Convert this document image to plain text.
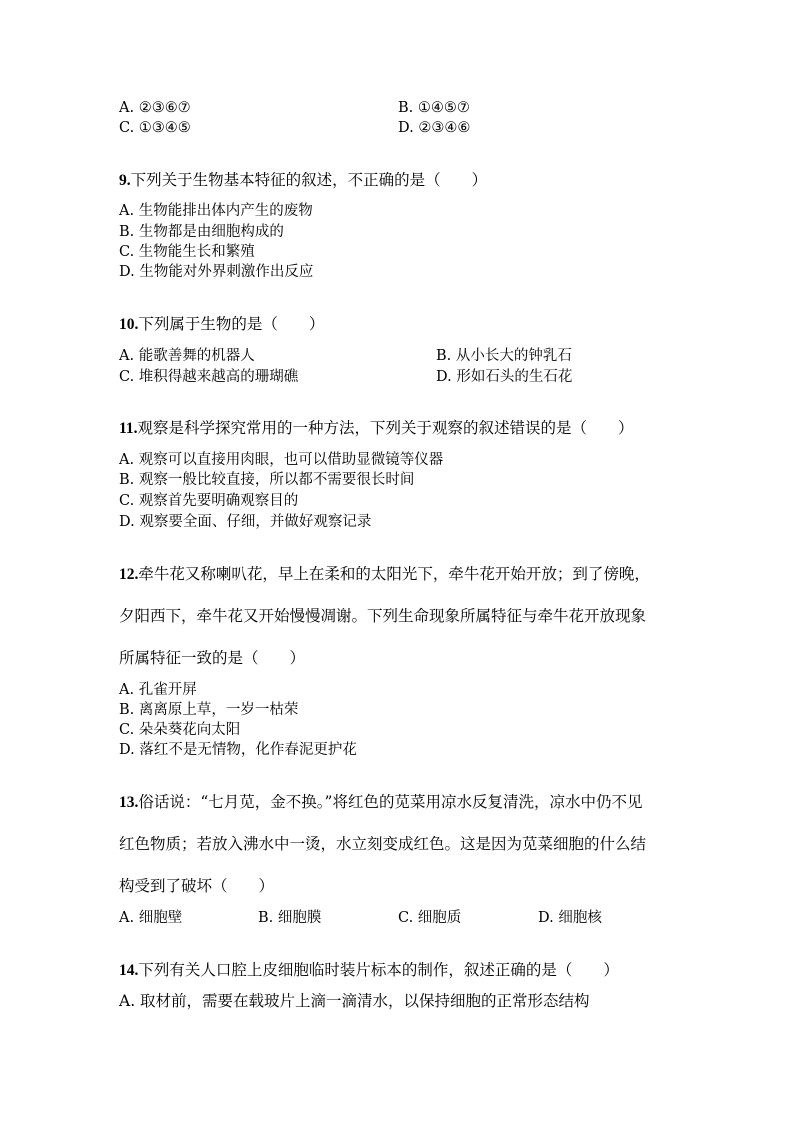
A. ②③⑥⑦	B. ①④⑤⑦
C. ①③④⑤	D. ②③④⑥
9.下列关于生物基本特征的叙述，不正确的是（　　）
A. 生物能排出体内产生的废物
B. 生物都是由细胞构成的
C. 生物能生长和繁殖
D. 生物能对外界刺激作出反应
10.下列属于生物的是（　　）
A. 能歌善舞的机器人	B. 从小长大的钟乳石
C. 堆积得越来越高的珊瑚礁	D. 形如石头的生石花
11.观察是科学探究常用的一种方法，下列关于观察的叙述错误的是（　　）
A. 观察可以直接用肉眼，也可以借助显微镜等仪器
B. 观察一般比较直接，所以都不需要很长时间
C. 观察首先要明确观察目的
D. 观察要全面、仔细，并做好观察记录
12.牵牛花又称喇叭花，早上在柔和的太阳光下，牵牛花开始开放；到了傍晚，
夕阳西下，牵牛花又开始慢慢凋谢。下列生命现象所属特征与牵牛花开放现象
所属特征一致的是（　　）
A. 孔雀开屏
B. 离离原上草，一岁一枯荣
C. 朵朵葵花向太阳
D. 落红不是无情物，化作春泥更护花
13.俗话说：“七月苋，金不换。”将红色的苋菜用凉水反复清洗，凉水中仍不见
红色物质；若放入沸水中一烫，水立刻变成红色。这是因为苋菜细胞的什么结
构受到了破坏（　　）
A. 细胞壁	B. 细胞膜	C. 细胞质	D. 细胞核
14.下列有关人口腔上皮细胞临时装片标本的制作，叙述正确的是（　　）
A. 取材前，需要在载玻片上滴一滴清水，以保持细胞的正常形态结构
